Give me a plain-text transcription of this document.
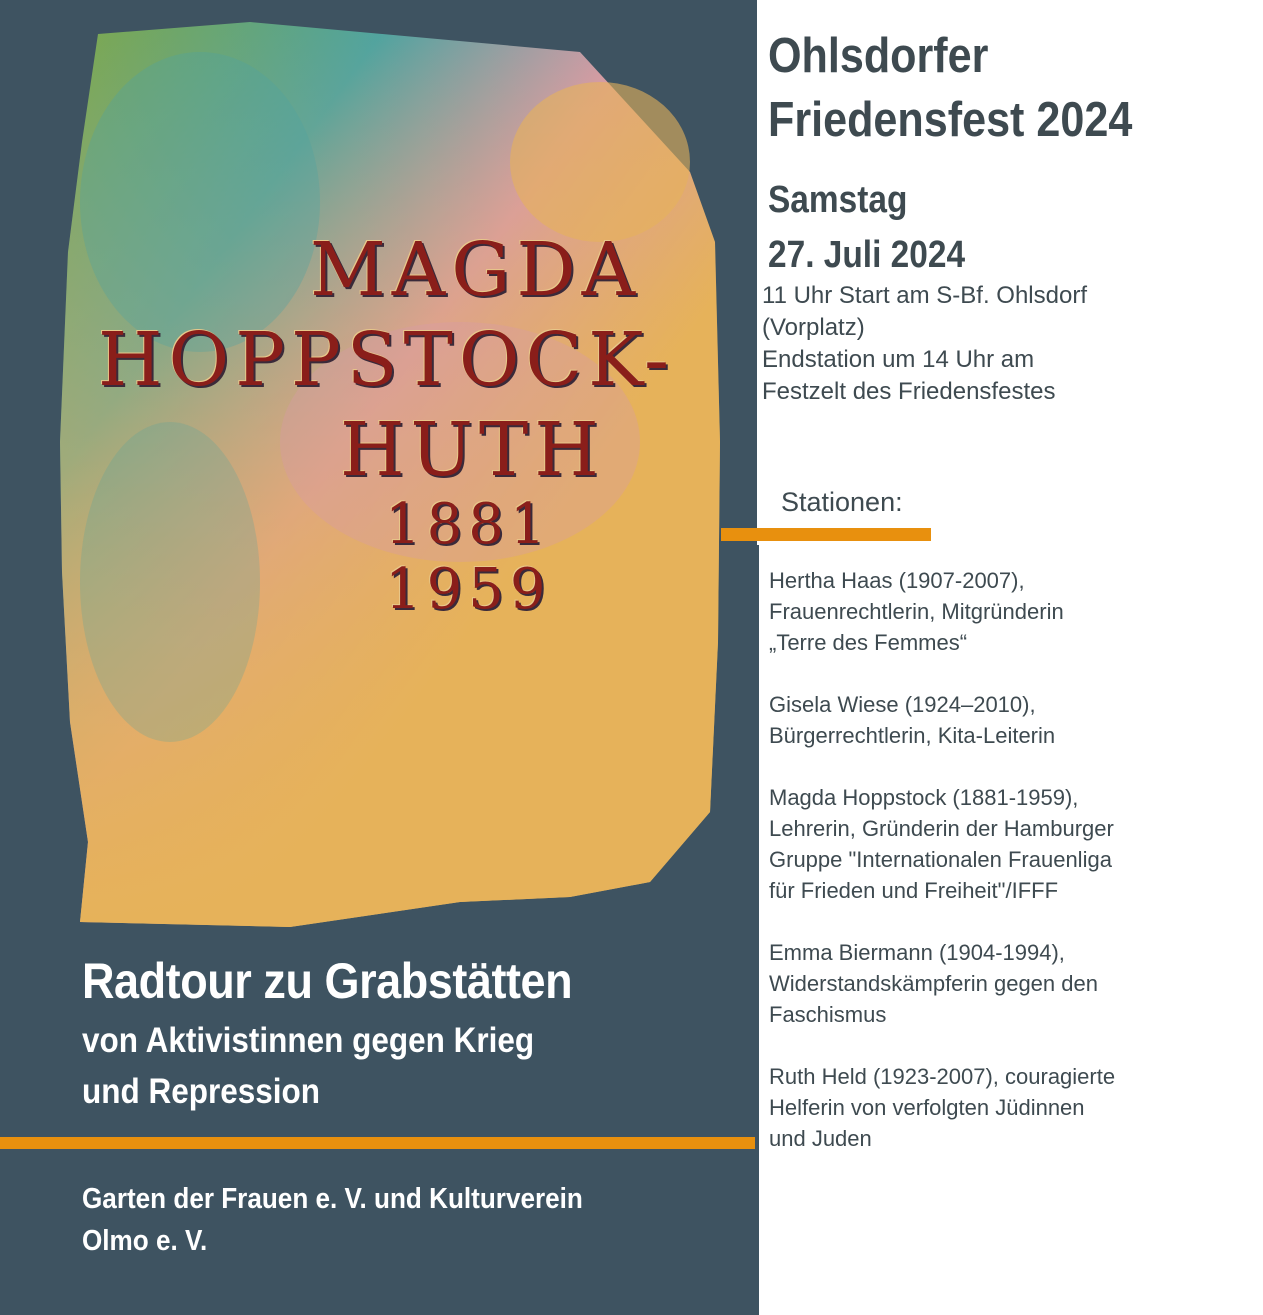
MAGDA
HOPPSTOCK-
HUTH
1881
1959
Radtour zu Grabstätten
von Aktivistinnen gegen Krieg
und Repression
Garten der Frauen e. V. und Kulturverein
Olmo e. V.
Ohlsdorfer
Friedensfest 2024
Samstag
27. Juli 2024
11 Uhr Start am S-Bf. Ohlsdorf
(Vorplatz)
Endstation um 14 Uhr am
Festzelt des Friedensfestes
Stationen:
Hertha Haas (1907-2007),
Frauenrechtlerin, Mitgründerin
„Terre des Femmes“
Gisela Wiese (1924–2010),
Bürgerrechtlerin, Kita-Leiterin
Magda Hoppstock (1881-1959),
Lehrerin, Gründerin der Hamburger
Gruppe "Internationalen Frauenliga
für Frieden und Freiheit"/IFFF
Emma Biermann (1904-1994),
Widerstandskämpferin gegen den
Faschismus
Ruth Held (1923-2007), couragierte
Helferin von verfolgten Jüdinnen
und Juden
